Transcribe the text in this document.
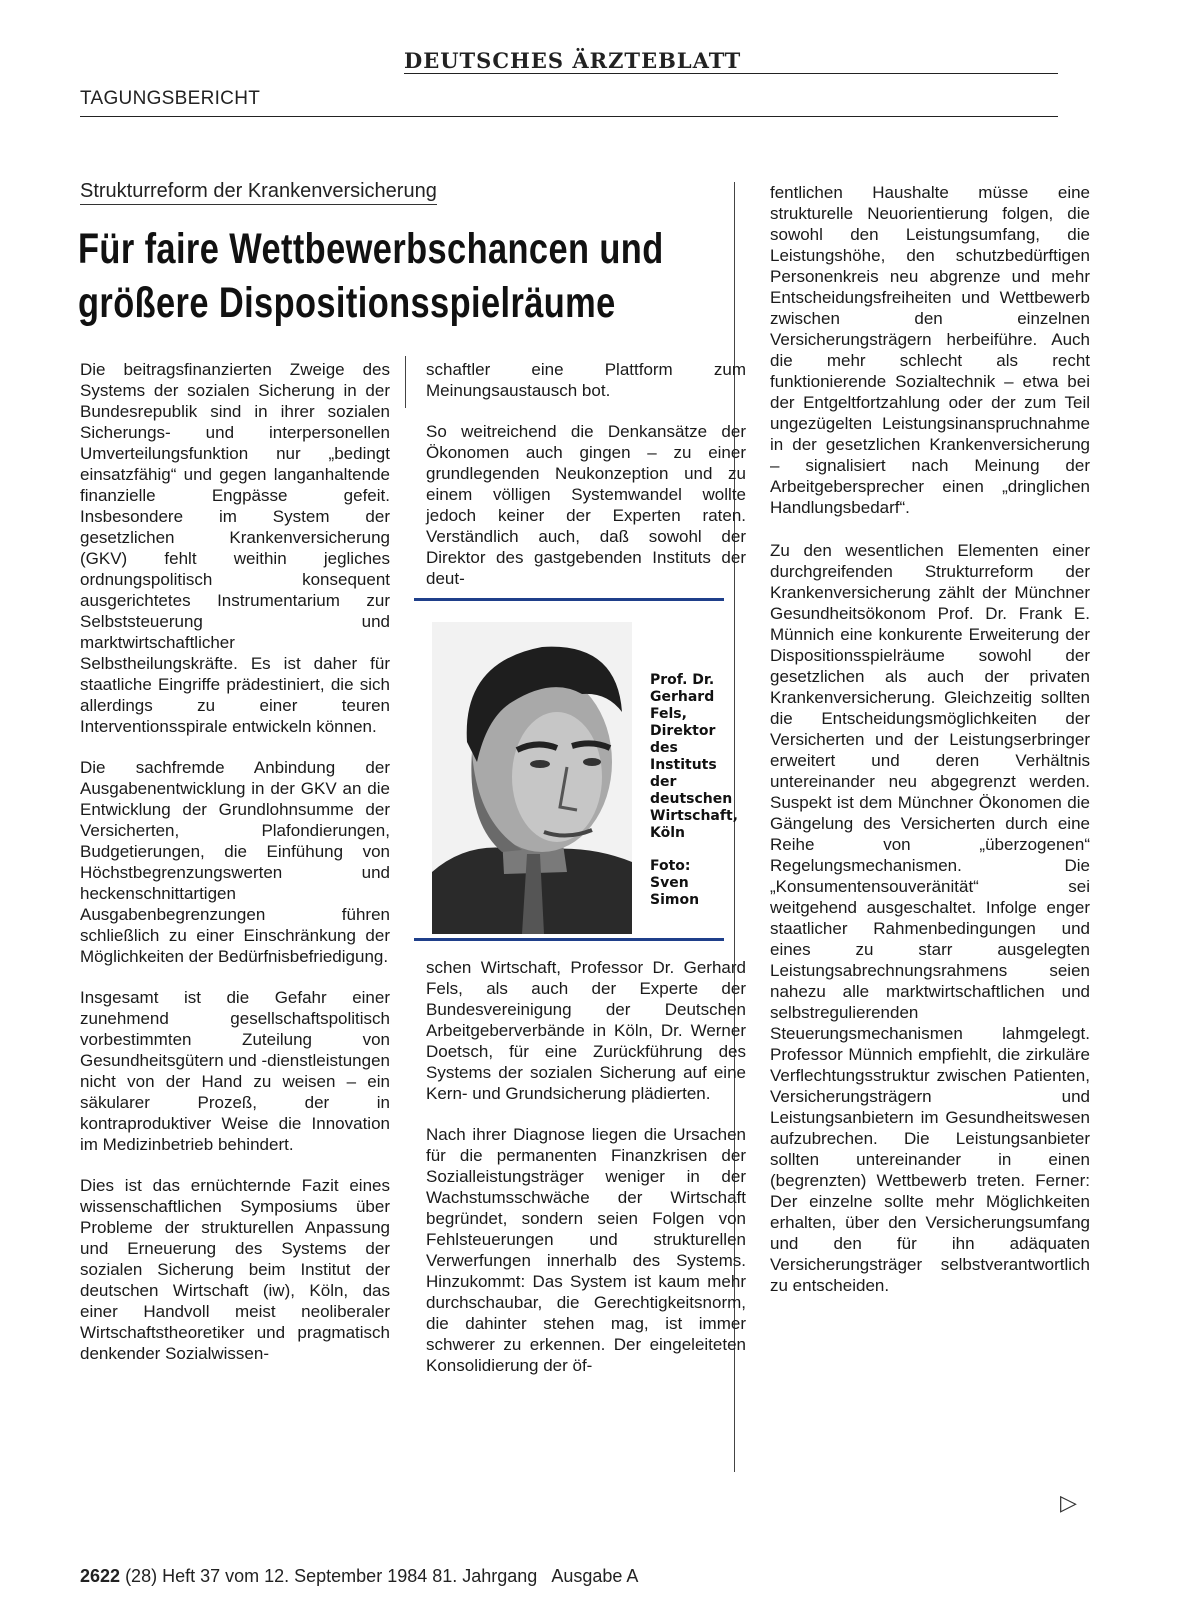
DEUTSCHES ÄRZTEBLATT
TAGUNGSBERICHT
Strukturreform der Krankenversicherung
Für faire Wettbewerbschancen und
größere Dispositionsspielräume

Die beitragsfinanzierten Zweige des Systems der sozialen Sicherung in der Bundesrepublik sind in ihrer sozialen Sicherungs- und interpersonellen Umverteilungsfunktion nur „bedingt einsatzfähig“ und gegen langanhaltende finanzielle Engpässe gefeit. Insbesondere im System der gesetzlichen Krankenversicherung (GKV) fehlt weithin jegliches ordnungspolitisch konsequent ausgerichtetes Instrumentarium zur Selbststeuerung und marktwirtschaftlicher Selbstheilungskräfte. Es ist daher für staatliche Eingriffe prädestiniert, die sich allerdings zu einer teuren Interventionsspirale entwickeln können.

Die sachfremde Anbindung der Ausgabenentwicklung in der GKV an die Entwicklung der Grundlohnsumme der Versicherten, Plafondierungen, Budgetierungen, die Einfühung von Höchstbegrenzungswerten und heckenschnittartigen Ausgabenbegrenzungen führen schließlich zu einer Einschränkung der Möglichkeiten der Bedürfnisbefriedigung.

Insgesamt ist die Gefahr einer zunehmend gesellschaftspolitisch vorbestimmten Zuteilung von Gesundheitsgütern und -dienstleistungen nicht von der Hand zu weisen – ein säkularer Prozeß, der in kontraproduktiver Weise die Innovation im Medizinbetrieb behindert.

Dies ist das ernüchternde Fazit eines wissenschaftlichen Symposiums über Probleme der strukturellen Anpassung und Erneuerung des Systems der sozialen Sicherung beim Institut der deutschen Wirtschaft (iw), Köln, das einer Handvoll meist neoliberaler Wirtschaftstheoretiker und pragmatisch denkender Sozialwissen-

schaftler eine Plattform zum Meinungsaustausch bot.

So weitreichend die Denkansätze der Ökonomen auch gingen – zu einer grundlegenden Neukonzeption und zu einem völligen Systemwandel wollte jedoch keiner der Experten raten. Verständlich auch, daß sowohl der Direktor des gastgebenden Instituts der deut-

Prof. Dr.
Gerhard
Fels,
Direktor
des
Instituts
der
deutschen
Wirtschaft,
Köln
Foto:
Sven
Simon

schen Wirtschaft, Professor Dr. Gerhard Fels, als auch der Experte der Bundesvereinigung der Deutschen Arbeitgeberverbände in Köln, Dr. Werner Doetsch, für eine Zurückführung des Systems der sozialen Sicherung auf eine Kern- und Grundsicherung plädierten.

Nach ihrer Diagnose liegen die Ursachen für die permanenten Finanzkrisen der Sozialleistungsträger weniger in der Wachstumsschwäche der Wirtschaft begründet, sondern seien Folgen von Fehlsteuerungen und strukturellen Verwerfungen innerhalb des Systems. Hinzukommt: Das System ist kaum mehr durchschaubar, die Gerechtigkeitsnorm, die dahinter stehen mag, ist immer schwerer zu erkennen. Der eingeleiteten Konsolidierung der öf-

fentlichen Haushalte müsse eine strukturelle Neuorientierung folgen, die sowohl den Leistungsumfang, die Leistungshöhe, den schutzbedürftigen Personenkreis neu abgrenze und mehr Entscheidungsfreiheiten und Wettbewerb zwischen den einzelnen Versicherungsträgern herbeiführe. Auch die mehr schlecht als recht funktionierende Sozialtechnik – etwa bei der Entgeltfortzahlung oder der zum Teil ungezügelten Leistungsinanspruchnahme in der gesetzlichen Krankenversicherung – signalisiert nach Meinung der Arbeitgebersprecher einen „dringlichen Handlungsbedarf“.

Zu den wesentlichen Elementen einer durchgreifenden Strukturreform der Krankenversicherung zählt der Münchner Gesundheitsökonom Prof. Dr. Frank E. Münnich eine konkurente Erweiterung der Dispositionsspielräume sowohl der gesetzlichen als auch der privaten Krankenversicherung. Gleichzeitig sollten die Entscheidungsmöglichkeiten der Versicherten und der Leistungserbringer erweitert und deren Verhältnis untereinander neu abgegrenzt werden. Suspekt ist dem Münchner Ökonomen die Gängelung des Versicherten durch eine Reihe von „überzogenen“ Regelungsmechanismen. Die „Konsumentensouveränität“ sei weitgehend ausgeschaltet. Infolge enger staatlicher Rahmenbedingungen und eines zu starr ausgelegten Leistungsabrechnungsrahmens seien nahezu alle marktwirtschaftlichen und selbstregulierenden Steuerungsmechanismen lahmgelegt. Professor Münnich empfiehlt, die zirkuläre Verflechtungsstruktur zwischen Patienten, Versicherungsträgern und Leistungsanbietern im Gesundheitswesen aufzubrechen. Die Leistungsanbieter sollten untereinander in einen (begrenzten) Wettbewerb treten. Ferner: Der einzelne sollte mehr Möglichkeiten erhalten, über den Versicherungsumfang und den für ihn adäquaten Versicherungsträger selbstverantwortlich zu entscheiden.

▷
2622 (28) Heft 37 vom 12. September 1984 81. Jahrgang   Ausgabe A
